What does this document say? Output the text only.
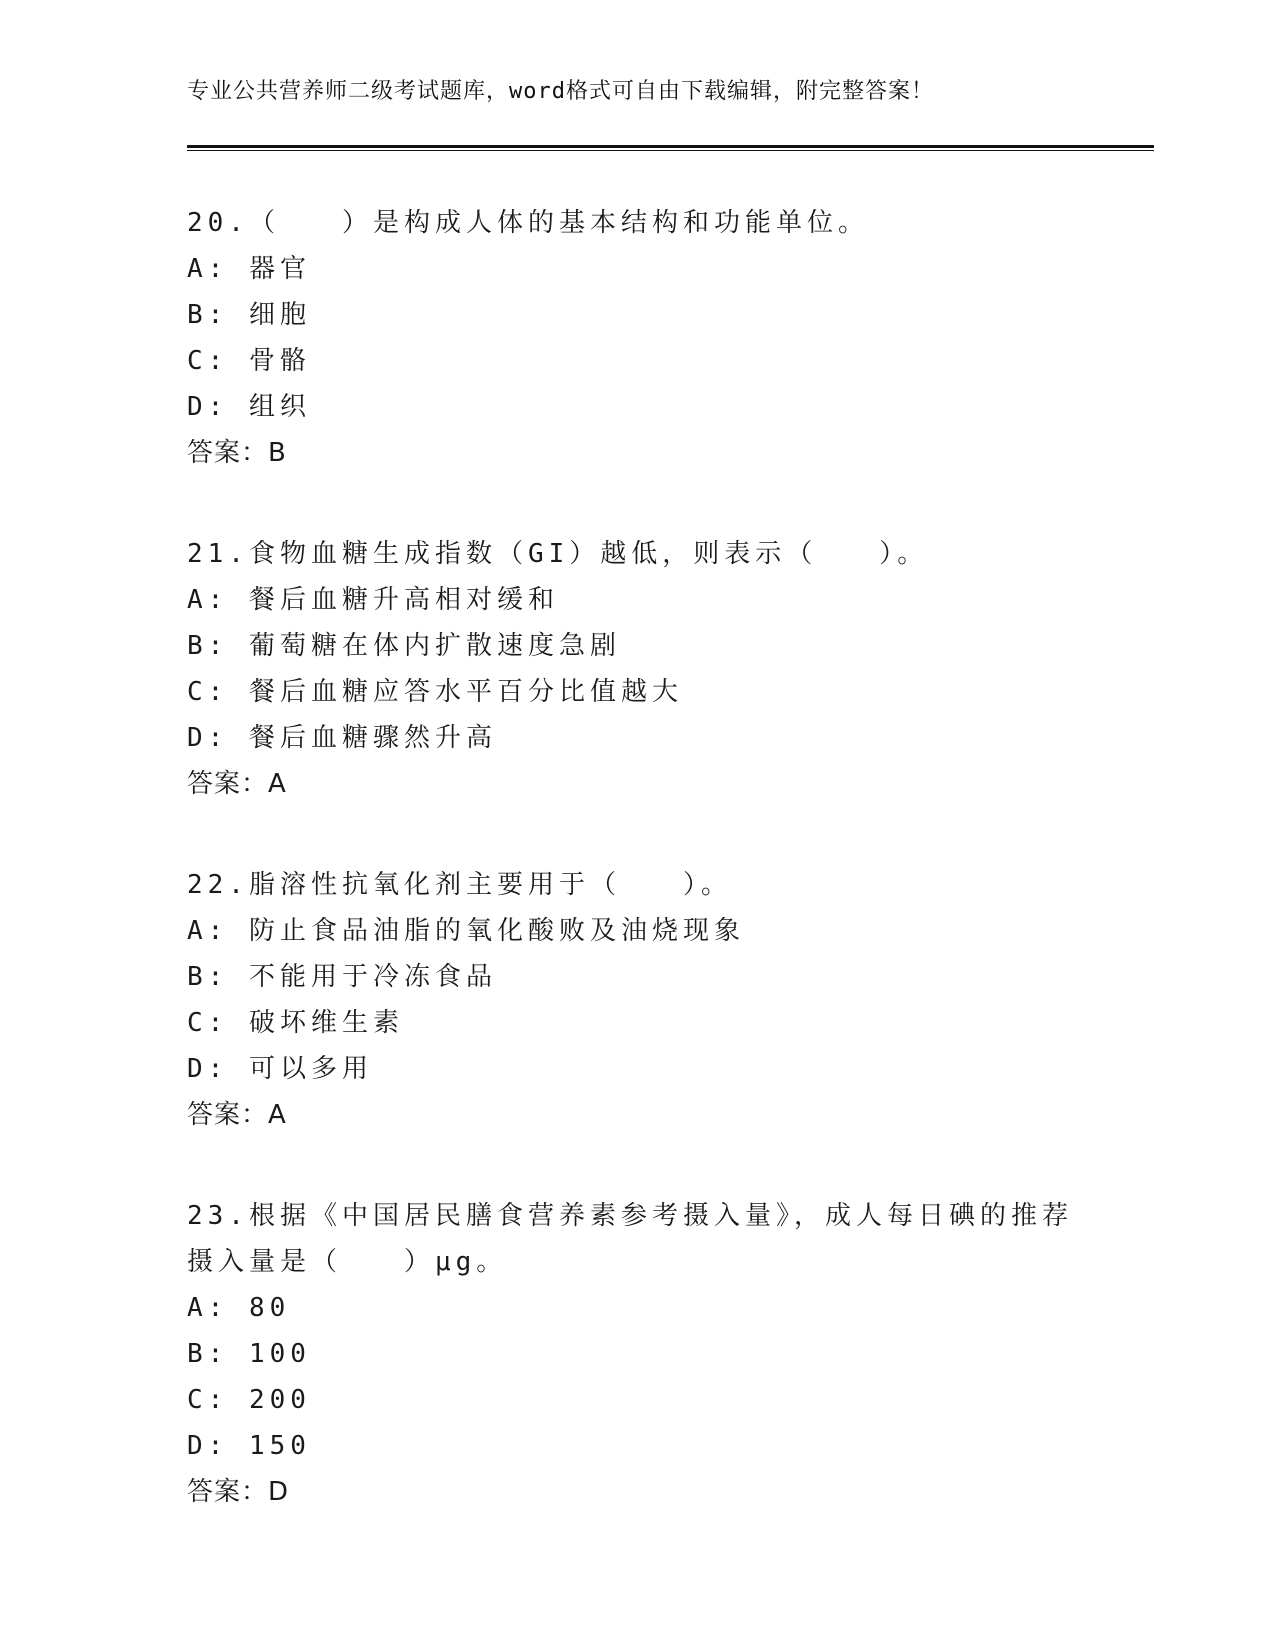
专业公共营养师二级考试题库，word格式可自由下载编辑，附完整答案！
20.（　　）是构成人体的基本结构和功能单位。
A: 器官
B: 细胞
C: 骨骼
D: 组织
答案：B
21.食物血糖生成指数（GI）越低，则表示（　　）。
A: 餐后血糖升高相对缓和
B: 葡萄糖在体内扩散速度急剧
C: 餐后血糖应答水平百分比值越大
D: 餐后血糖骤然升高
答案：A
22.脂溶性抗氧化剂主要用于（　　）。
A: 防止食品油脂的氧化酸败及油烧现象
B: 不能用于冷冻食品
C: 破坏维生素
D: 可以多用
答案：A
23.根据《中国居民膳食营养素参考摄入量》，成人每日碘的推荐摄入量是（　　）μg。
A: 80
B: 100
C: 200
D: 150
答案：D
